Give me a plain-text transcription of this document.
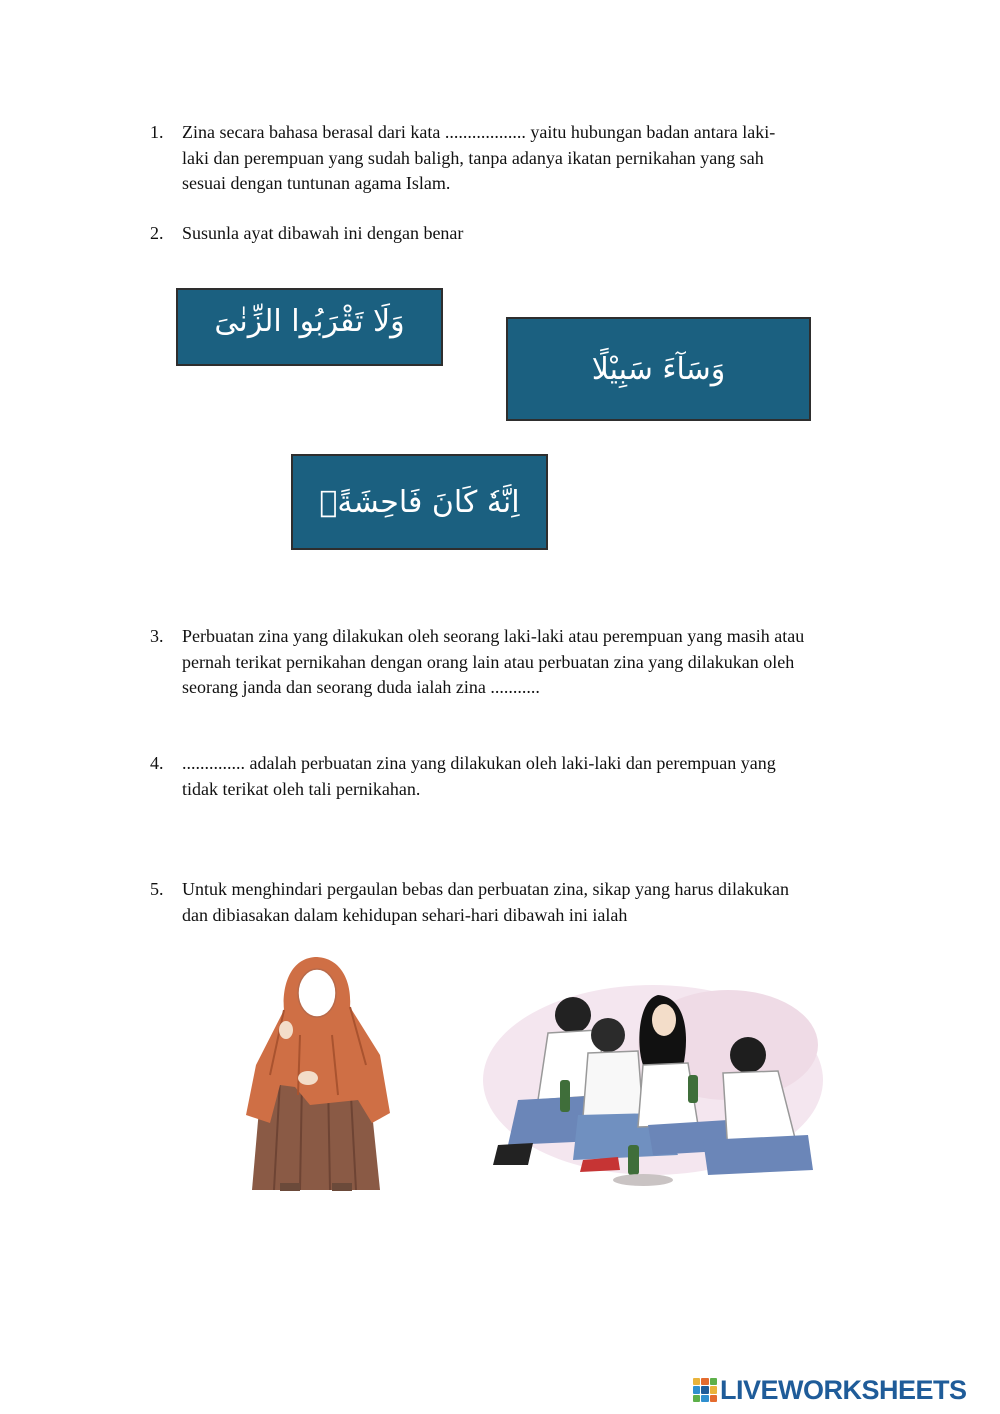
1.	Zina secara bahasa berasal dari kata .................. yaitu hubungan badan antara laki-
laki dan perempuan yang sudah baligh, tanpa adanya ikatan pernikahan yang sah
sesuai dengan tuntunan agama Islam.
2.	Susunla ayat dibawah ini dengan benar
وَلَا تَقْرَبُوا الزِّنٰىَ
وَسَآءَ سَبِيْلًا
اِنَّهٗ كَانَ فَاحِشَةًۗ
3.	Perbuatan zina yang dilakukan oleh seorang laki-laki atau perempuan yang masih atau
pernah terikat pernikahan dengan orang lain atau perbuatan zina yang dilakukan oleh
seorang janda dan seorang duda ialah zina ...........
4.	.............. adalah perbuatan zina yang dilakukan oleh laki-laki dan perempuan yang
tidak terikat oleh tali pernikahan.
5.	Untuk menghindari pergaulan bebas dan perbuatan zina, sikap yang harus dilakukan
dan dibiasakan dalam kehidupan sehari-hari dibawah ini ialah
LIVEWORKSHEETS
